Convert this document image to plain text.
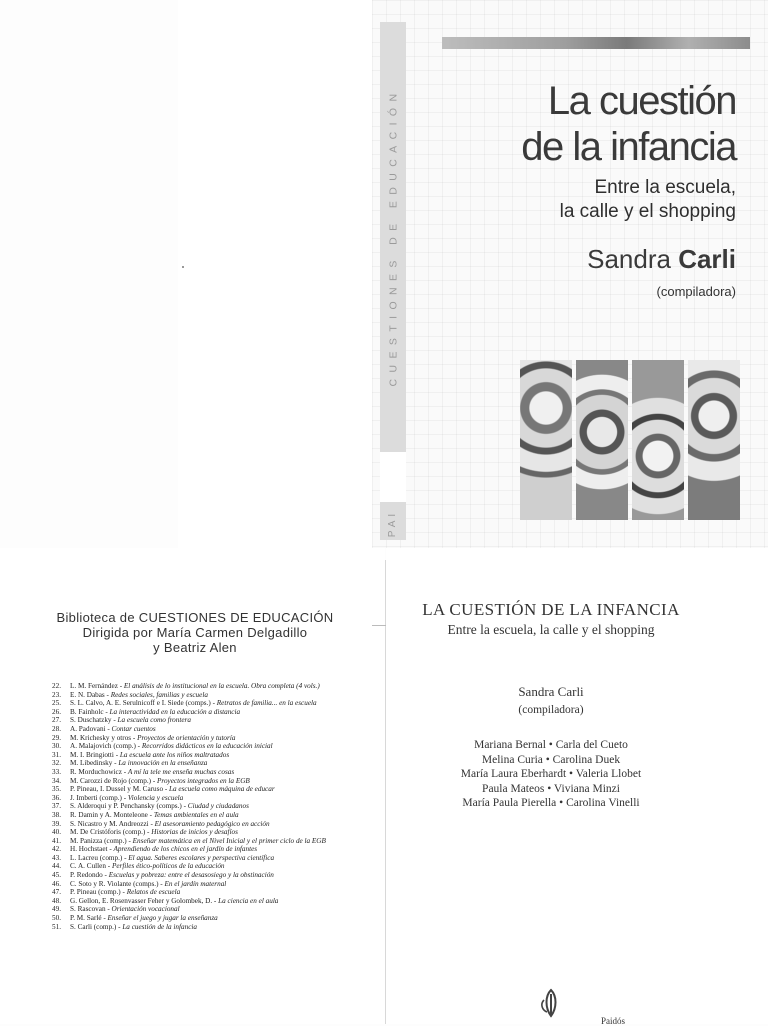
CUESTIONES DE EDUCACIÓN
PAI
La cuestión
de la infancia
Entre la escuela,
la calle y el shopping
Sandra Carli
(compiladora)
Biblioteca de CUESTIONES DE EDUCACIÓN
Dirigida por María Carmen Delgadillo
y Beatriz Alen
22.	L. M. Fernández - El análisis de lo institucional en la escuela. Obra completa (4 vols.)
23.	E. N. Dabas - Redes sociales, familias y escuela
25.	S. L. Calvo, A. E. Serulnicoff e I. Siede (comps.) - Retratos de familia... en la escuela
26.	B. Fainholc - La interactividad en la educación a distancia
27.	S. Duschatzky - La escuela como frontera
28.	A. Padovani - Contar cuentos
29.	M. Krichesky y otros - Proyectos de orientación y tutoría
30.	A. Malajovich (comp.) - Recorridos didácticos en la educación inicial
31.	M. I. Bringiotti - La escuela ante los niños maltratados
32.	M. Libedinsky - La innovación en la enseñanza
33.	R. Morduchowicz - A mí la tele me enseña muchas cosas
34.	M. Carozzi de Rojo (comp.) - Proyectos integrados en la EGB
35.	P. Pineau, I. Dussel y M. Caruso - La escuela como máquina de educar
36.	J. Imberti (comp.) - Violencia y escuela
37.	S. Alderoqui y P. Penchansky (comps.) - Ciudad y ciudadanos
38.	R. Damin y A. Monteleone - Temas ambientales en el aula
39.	S. Nicastro y M. Andreozzi - El asesoramiento pedagógico en acción
40.	M. De Cristóforis (comp.) - Historias de inicios y desafíos
41.	M. Panizza (comp.) - Enseñar matemática en el Nivel Inicial y el primer ciclo de la EGB
42.	H. Hochstaet - Aprendiendo de los chicos en el jardín de infantes
43.	L. Lacreu (comp.) - El agua. Saberes escolares y perspectiva científica
44.	C. A. Cullen - Perfiles ético-políticos de la educación
45.	P. Redondo - Escuelas y pobreza: entre el desasosiego y la obstinación
46.	C. Soto y R. Violante (comps.) - En el jardín maternal
47.	P. Pineau (comp.) - Relatos de escuela
48.	G. Gellon, E. Rosenvasser Feher y Golombek, D. - La ciencia en el aula
49.	S. Rascovan - Orientación vocacional
50.	P. M. Sarlé - Enseñar el juego y jugar la enseñanza
51.	S. Carli (comp.) - La cuestión de la infancia
LA CUESTIÓN DE LA INFANCIA
Entre la escuela, la calle y el shopping
Sandra Carli
(compiladora)
Mariana Bernal • Carla del Cueto
Melina Curia • Carolina Duek
María Laura Eberhardt • Valeria Llobet
Paula Mateos • Viviana Minzi
María Paula Pierella • Carolina Vinelli
Paidós
